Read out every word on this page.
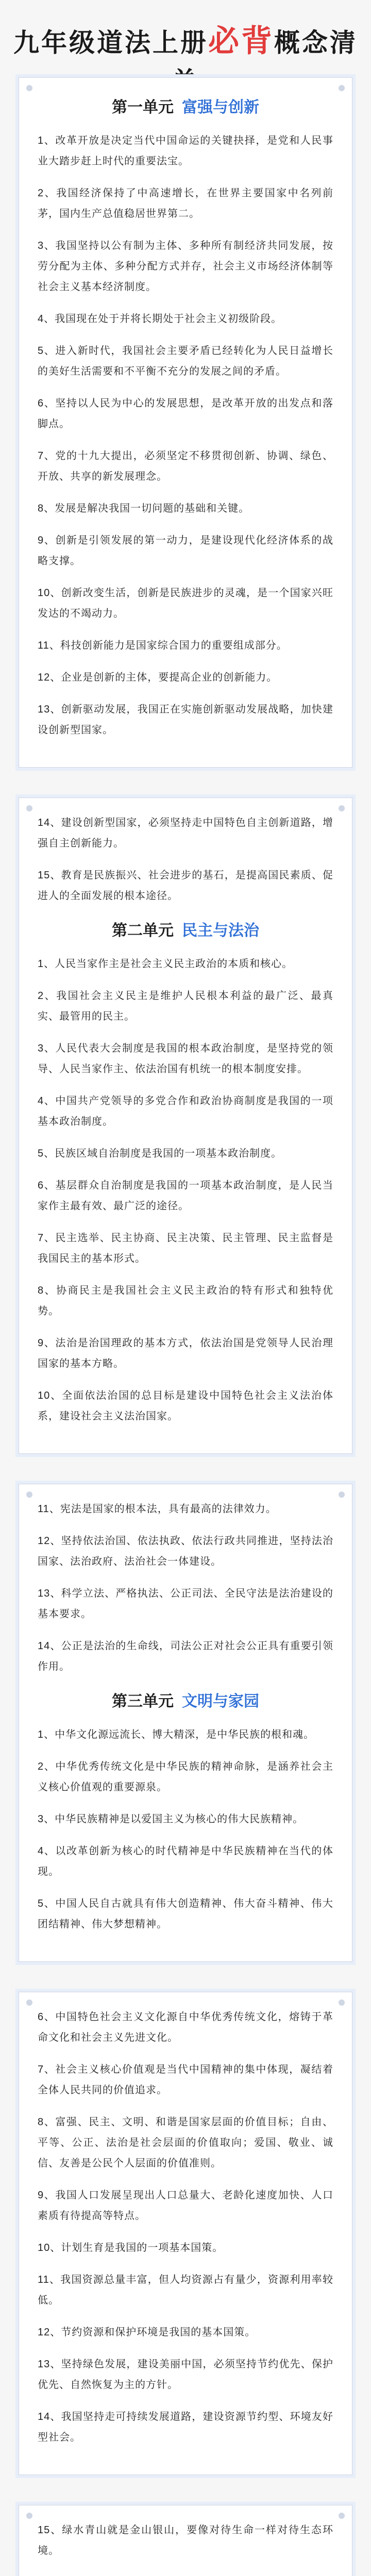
九年级道法上册必背概念清
第一单元 富强与创新

1、改革开放是决定当代中国命运的关键抉择，是党和人民事业大踏步赶上时代的重要法宝。

2、我国经济保持了中高速增长，在世界主要国家中名列前茅，国内生产总值稳居世界第二。

3、我国坚持以公有制为主体、多种所有制经济共同发展，按劳分配为主体、多种分配方式并存，社会主义市场经济体制等社会主义基本经济制度。

4、我国现在处于并将长期处于社会主义初级阶段。

5、进入新时代，我国社会主要矛盾已经转化为人民日益增长的美好生活需要和不平衡不充分的发展之间的矛盾。

6、坚持以人民为中心的发展思想，是改革开放的出发点和落脚点。

7、党的十九大提出，必须坚定不移贯彻创新、协调、绿色、开放、共享的新发展理念。

8、发展是解决我国一切问题的基础和关键。

9、创新是引领发展的第一动力，是建设现代化经济体系的战略支撑。

10、创新改变生活，创新是民族进步的灵魂，是一个国家兴旺发达的不竭动力。

11、科技创新能力是国家综合国力的重要组成部分。

12、企业是创新的主体，要提高企业的创新能力。

13、创新驱动发展，我国正在实施创新驱动发展战略，加快建设创新型国家。

14、建设创新型国家，必须坚持走中国特色自主创新道路，增强自主创新能力。

15、教育是民族振兴、社会进步的基石，是提高国民素质、促进人的全面发展的根本途径。

第二单元 民主与法治

1、人民当家作主是社会主义民主政治的本质和核心。

2、我国社会主义民主是维护人民根本利益的最广泛、最真实、最管用的民主。

3、人民代表大会制度是我国的根本政治制度，是坚持党的领导、人民当家作主、依法治国有机统一的根本制度安排。

4、中国共产党领导的多党合作和政治协商制度是我国的一项基本政治制度。

5、民族区域自治制度是我国的一项基本政治制度。

6、基层群众自治制度是我国的一项基本政治制度，是人民当家作主最有效、最广泛的途径。

7、民主选举、民主协商、民主决策、民主管理、民主监督是我国民主的基本形式。

8、协商民主是我国社会主义民主政治的特有形式和独特优势。

9、法治是治国理政的基本方式，依法治国是党领导人民治理国家的基本方略。

10、全面依法治国的总目标是建设中国特色社会主义法治体系，建设社会主义法治国家。

11、宪法是国家的根本法，具有最高的法律效力。

12、坚持依法治国、依法执政、依法行政共同推进，坚持法治国家、法治政府、法治社会一体建设。

13、科学立法、严格执法、公正司法、全民守法是法治建设的基本要求。

14、公正是法治的生命线，司法公正对社会公正具有重要引领作用。

第三单元 文明与家园

1、中华文化源远流长、博大精深，是中华民族的根和魂。

2、中华优秀传统文化是中华民族的精神命脉，是涵养社会主义核心价值观的重要源泉。

3、中华民族精神是以爱国主义为核心的伟大民族精神。

4、以改革创新为核心的时代精神是中华民族精神在当代的体现。

5、中国人民自古就具有伟大创造精神、伟大奋斗精神、伟大团结精神、伟大梦想精神。

6、中国特色社会主义文化源自中华优秀传统文化，熔铸于革命文化和社会主义先进文化。

7、社会主义核心价值观是当代中国精神的集中体现，凝结着全体人民共同的价值追求。

8、富强、民主、文明、和谐是国家层面的价值目标；自由、平等、公正、法治是社会层面的价值取向；爱国、敬业、诚信、友善是公民个人层面的价值准则。

9、我国人口发展呈现出人口总量大、老龄化速度加快、人口素质有待提高等特点。

10、计划生育是我国的一项基本国策。

11、我国资源总量丰富，但人均资源占有量少，资源利用率较低。

12、节约资源和保护环境是我国的基本国策。

13、坚持绿色发展，建设美丽中国，必须坚持节约优先、保护优先、自然恢复为主的方针。

14、我国坚持走可持续发展道路，建设资源节约型、环境友好型社会。

15、绿水青山就是金山银山，要像对待生命一样对待生态环境。
